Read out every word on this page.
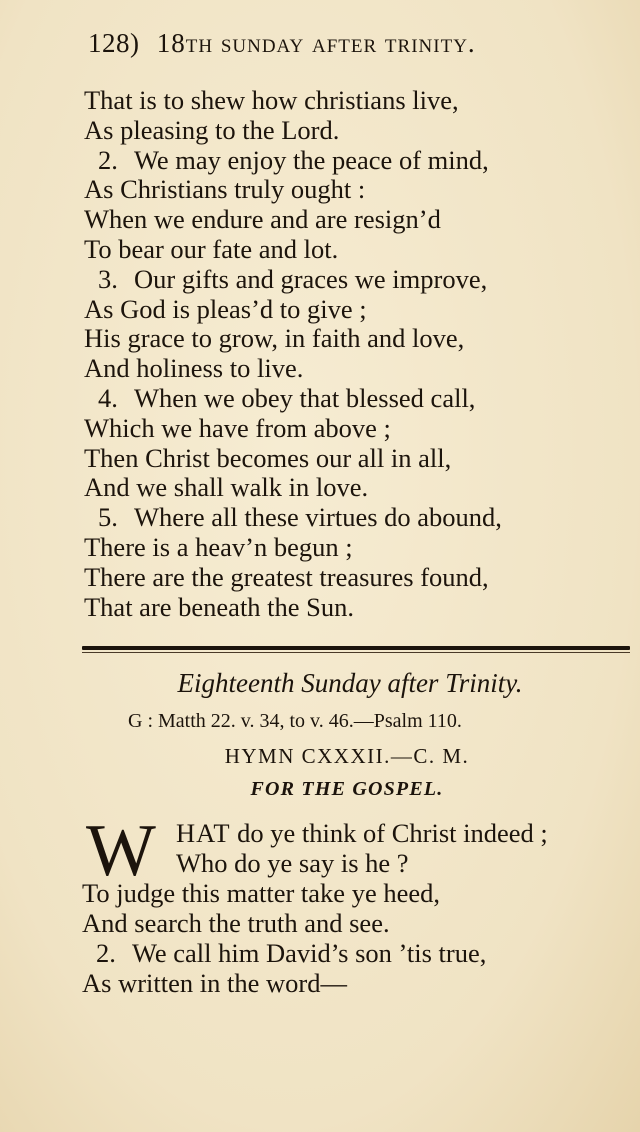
128) 18th sunday after trinity.
That is to shew how christians live,
As pleasing to the Lord.
2. We may enjoy the peace of mind,
As Christians truly ought :
When we endure and are resign’d
To bear our fate and lot.
3. Our gifts and graces we improve,
As God is pleas’d to give ;
His grace to grow, in faith and love,
And holiness to live.
4. When we obey that blessed call,
Which we have from above ;
Then Christ becomes our all in all,
And we shall walk in love.
5. Where all these virtues do abound,
There is a heav’n begun ;
There are the greatest treasures found,
That are beneath the Sun.
Eighteenth Sunday after Trinity.
G : Matth 22. v. 34, to v. 46.—Psalm 110.
HYMN CXXXII.—C. M.
FOR THE GOSPEL.
W HAT do ye think of Christ indeed ;
Who do ye say is he ?
To judge this matter take ye heed,
And search the truth and see.
2. We call him David’s son ’tis true,
As written in the word—
